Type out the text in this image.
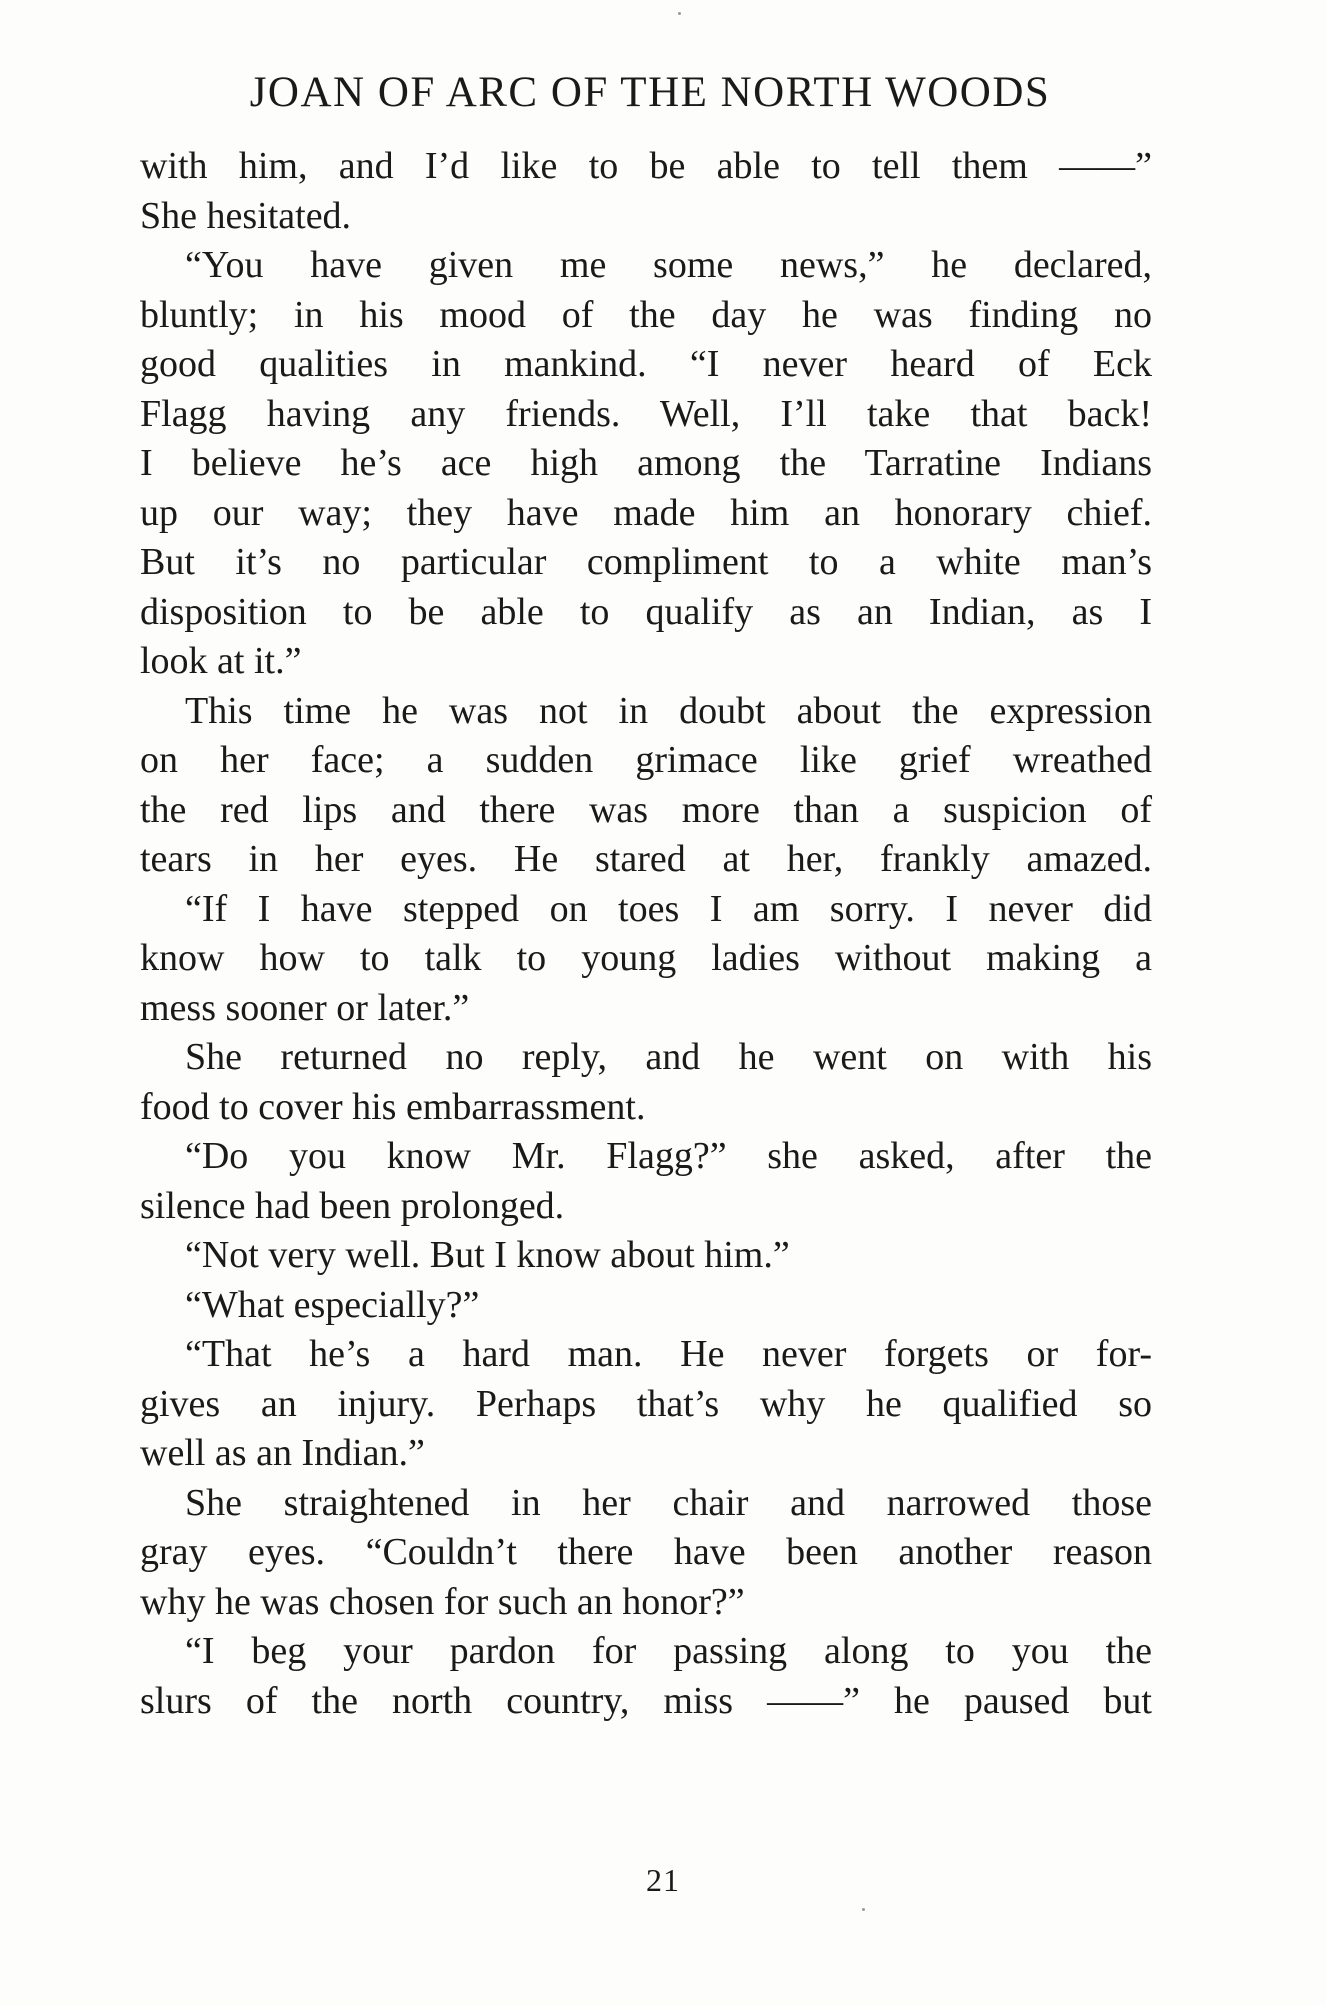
JOAN OF ARC OF THE NORTH WOODS
with him, and I’d like to be able to tell them ——”
She hesitated.
“You have given me some news,” he declared,
bluntly; in his mood of the day he was finding no
good qualities in mankind. “I never heard of Eck
Flagg having any friends. Well, I’ll take that back!
I believe he’s ace high among the Tarratine Indians
up our way; they have made him an honorary chief.
But it’s no particular compliment to a white man’s
disposition to be able to qualify as an Indian, as I
look at it.”
This time he was not in doubt about the expression
on her face; a sudden grimace like grief wreathed
the red lips and there was more than a suspicion of
tears in her eyes. He stared at her, frankly amazed.
“If I have stepped on toes I am sorry. I never did
know how to talk to young ladies without making a
mess sooner or later.”
She returned no reply, and he went on with his
food to cover his embarrassment.
“Do you know Mr. Flagg?” she asked, after the
silence had been prolonged.
“Not very well. But I know about him.”
“What especially?”
“That he’s a hard man. He never forgets or for-
gives an injury. Perhaps that’s why he qualified so
well as an Indian.”
She straightened in her chair and narrowed those
gray eyes. “Couldn’t there have been another reason
why he was chosen for such an honor?”
“I beg your pardon for passing along to you the
slurs of the north country, miss ——” he paused but
21
